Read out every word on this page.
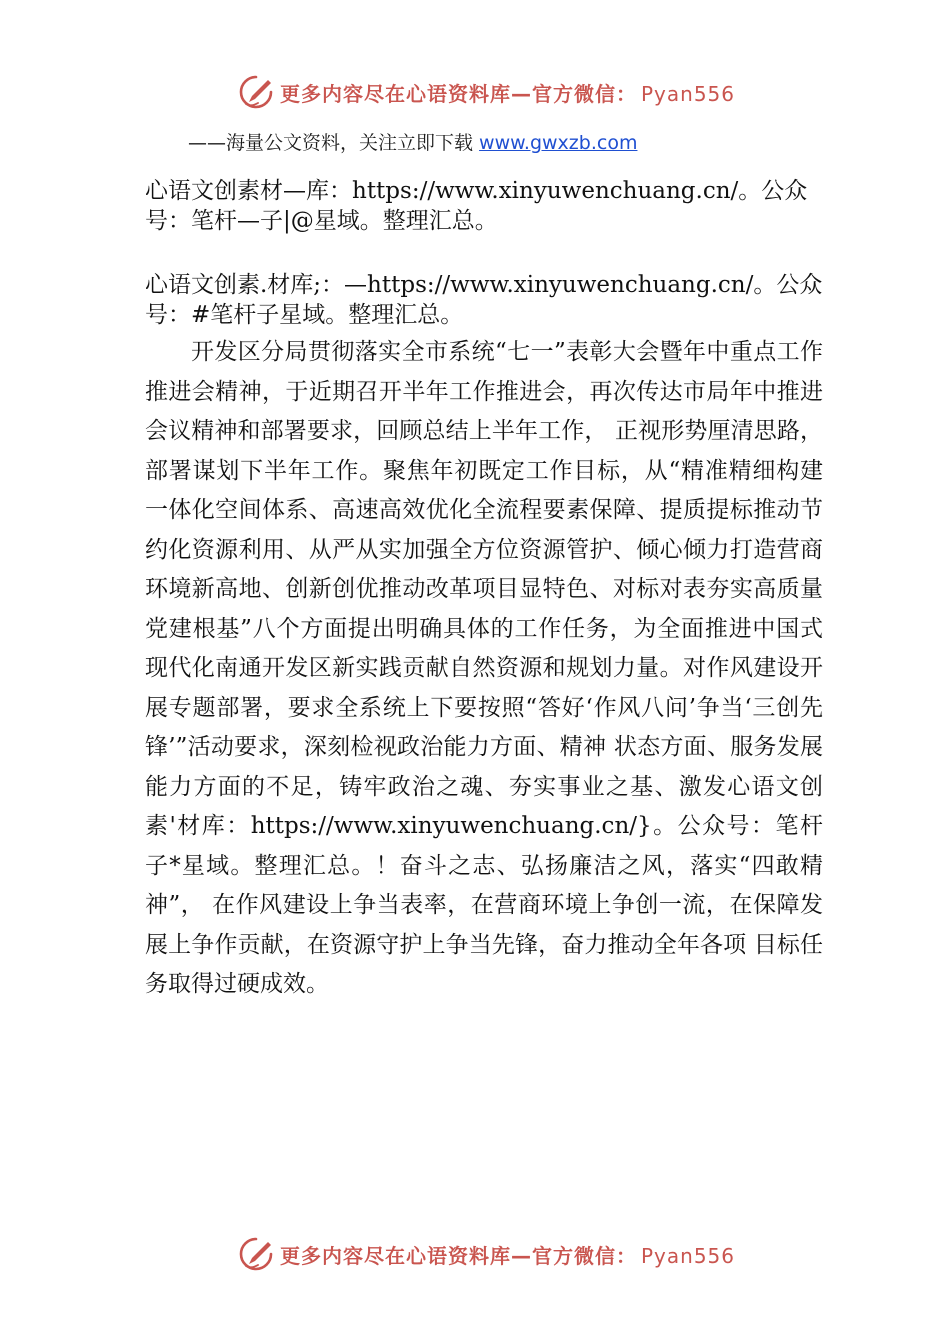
更多内容尽在心语资料库—官方微信： Pyan556
——海量公文资料，关注立即下载 www.gwxzb.com

心语文创素材—库：https://www.xinyuwenchuang.cn/。公众号：笔杆—子|@星域。整理汇总。

心语文创素.材库;：—https://www.xinyuwenchuang.cn/。公众号：#笔杆子星域。整理汇总。

开发区分局贯彻落实全市系统“七一”表彰大会暨年中重点工作推进会精神，于近期召开半年工作推进会，再次传达市局年中推进会议精神和部署要求，回顾总结上半年工作， 正视形势厘清思路，部署谋划下半年工作。聚焦年初既定工作目标，从“精准精细构建一体化空间体系、高速高效优化全流程要素保障、提质提标推动节约化资源利用、从严从实加强全方位资源管护、倾心倾力打造营商环境新高地、创新创优推动改革项目显特色、对标对表夯实高质量党建根基”八个方面提出明确具体的工作任务，为全面推进中国式现代化南通开发区新实践贡献自然资源和规划力量。对作风建设开展专题部署，要求全系统上下要按照“答好‘作风八问’争当‘三创先锋’”活动要求，深刻检视政治能力方面、精神 状态方面、服务发展能力方面的不足，铸牢政治之魂、夯实事业之基、激发心语文创素'材库：https://www.xinyuwenchuang.cn/}。公众号：笔杆子*星域。整理汇总。！奋斗之志、弘扬廉洁之风，落实“四敢精神”， 在作风建设上争当表率，在营商环境上争创一流，在保障发 展上争作贡献，在资源守护上争当先锋，奋力推动全年各项 目标任务取得过硬成效。

更多内容尽在心语资料库—官方微信： Pyan556
